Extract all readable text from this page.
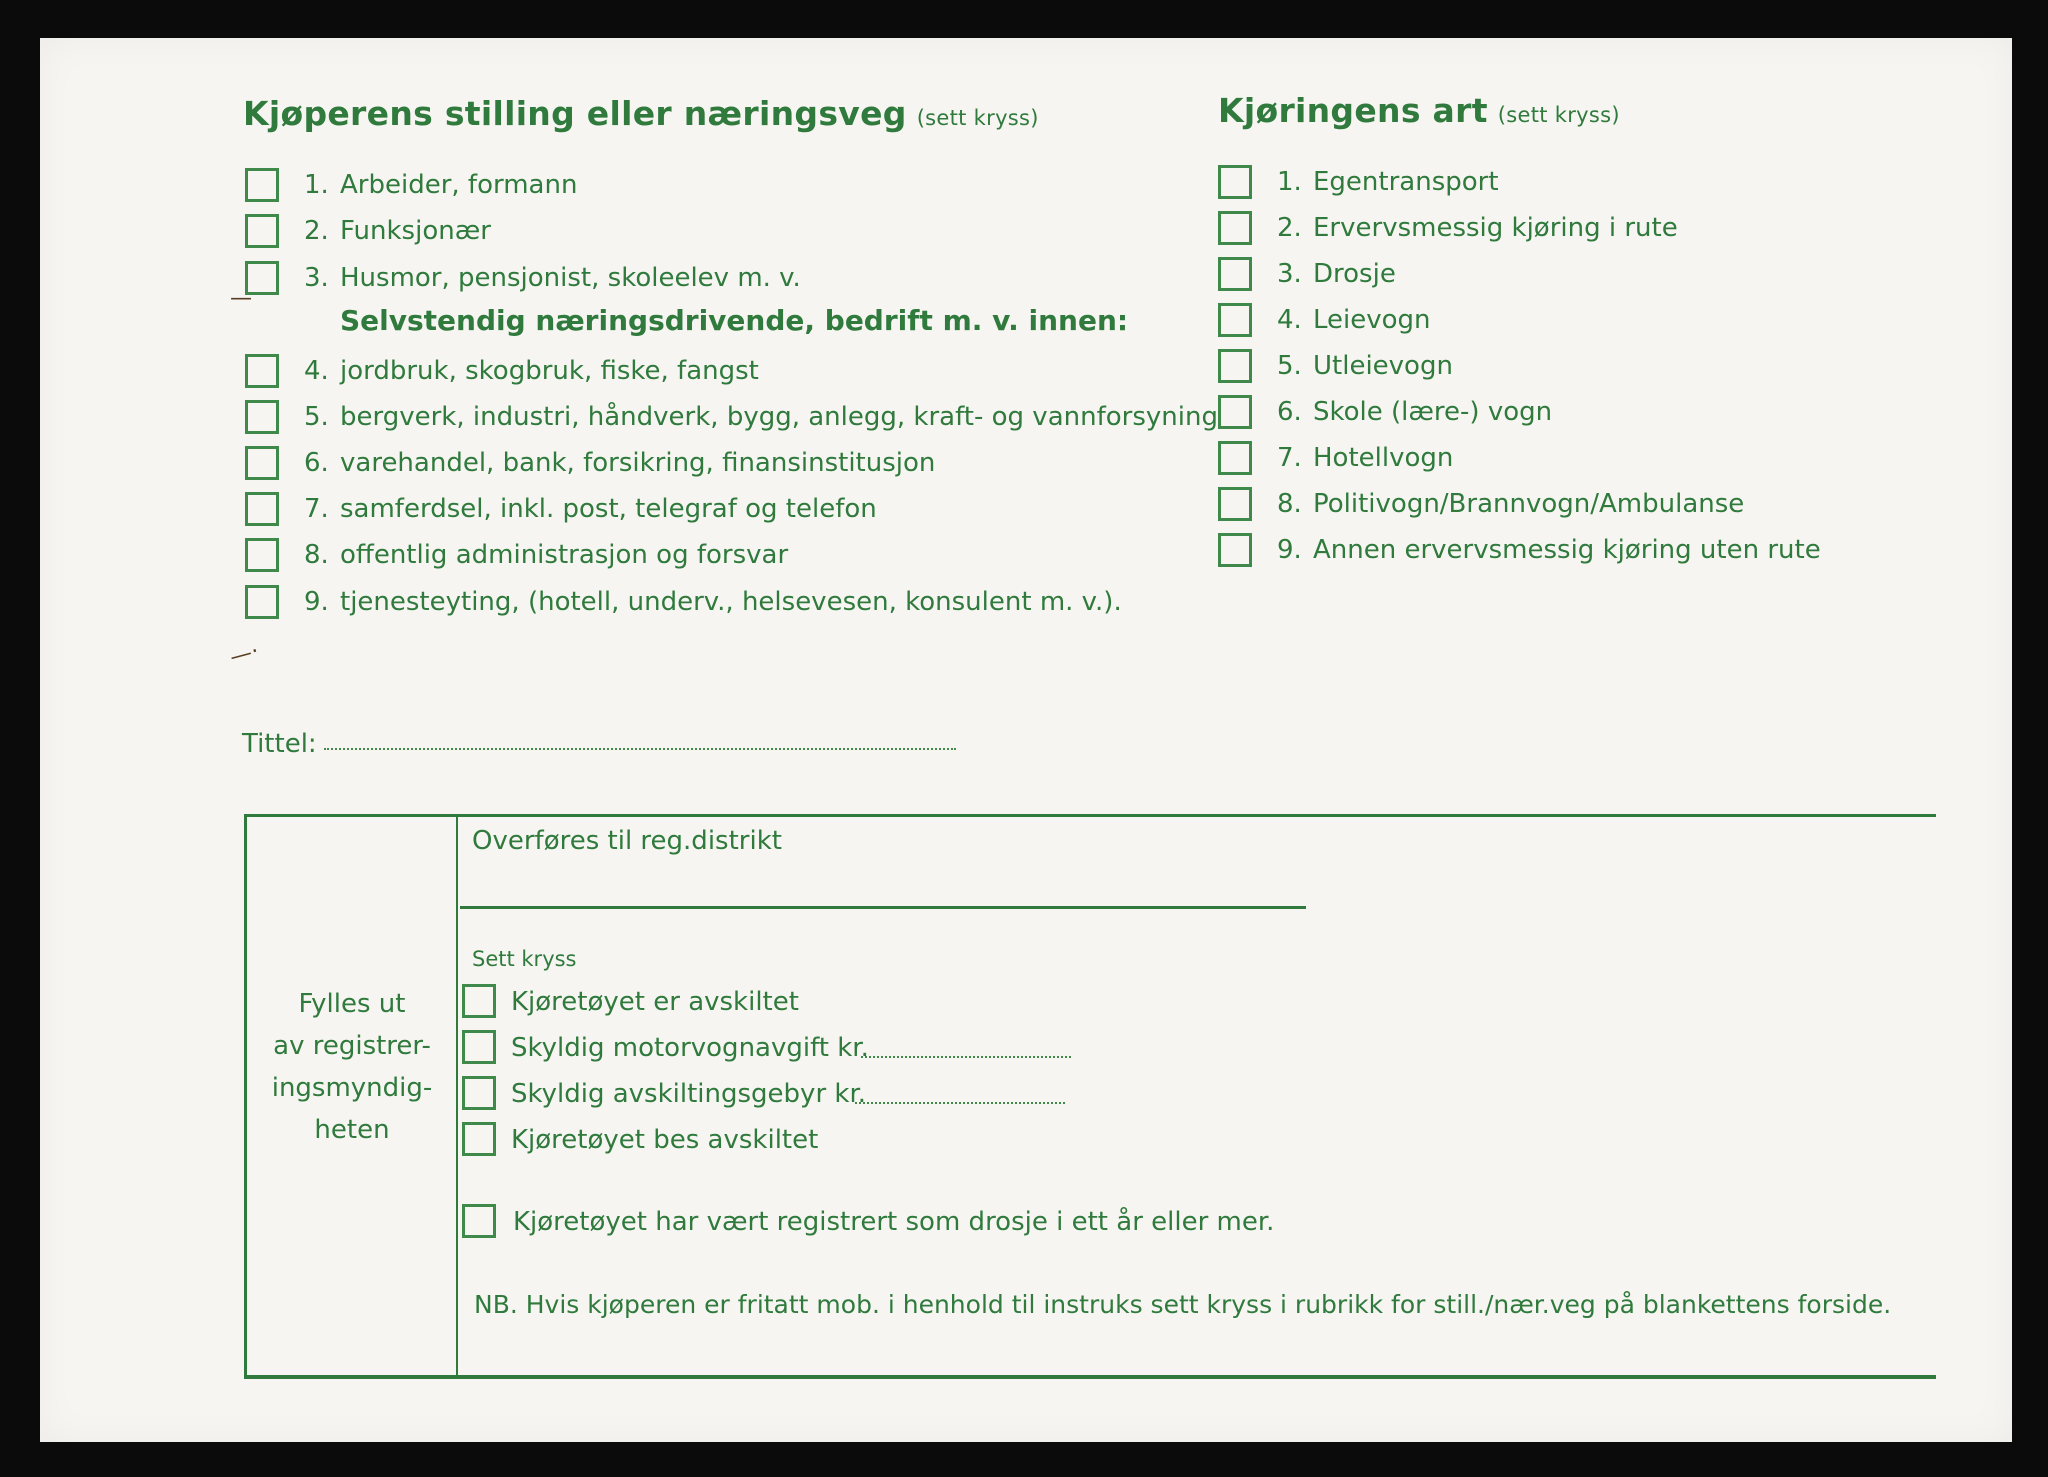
Kjøperens stilling eller næringsveg (sett kryss)
1. Arbeider, formann
2. Funksjonær
3. Husmor, pensjonist, skoleelev m. v.
Selvstendig næringsdrivende, bedrift m. v. innen:
4. jordbruk, skogbruk, fiske, fangst
5. bergverk, industri, håndverk, bygg, anlegg, kraft- og vannforsyning
6. varehandel, bank, forsikring, finansinstitusjon
7. samferdsel, inkl. post, telegraf og telefon
8. offentlig administrasjon og forsvar
9. tjenesteyting, (hotell, underv., helsevesen, konsulent m. v.).
—·
—
Kjøringens art (sett kryss)
1. Egentransport
2. Ervervsmessig kjøring i rute
3. Drosje
4. Leievogn
5. Utleievogn
6. Skole (lære-) vogn
7. Hotellvogn
8. Politivogn/Brannvogn/Ambulanse
9. Annen ervervsmessig kjøring uten rute
Tittel:
Fylles ut
av registrer-
ingsmyndig-
heten
Overføres til reg.distrikt
Sett kryss
Kjøretøyet er avskiltet
Skyldig motorvognavgift kr.
Skyldig avskiltingsgebyr kr.
Kjøretøyet bes avskiltet
Kjøretøyet har vært registrert som drosje i ett år eller mer.
NB. Hvis kjøperen er fritatt mob. i henhold til instruks sett kryss i rubrikk for still./nær.veg på blankettens forside.
